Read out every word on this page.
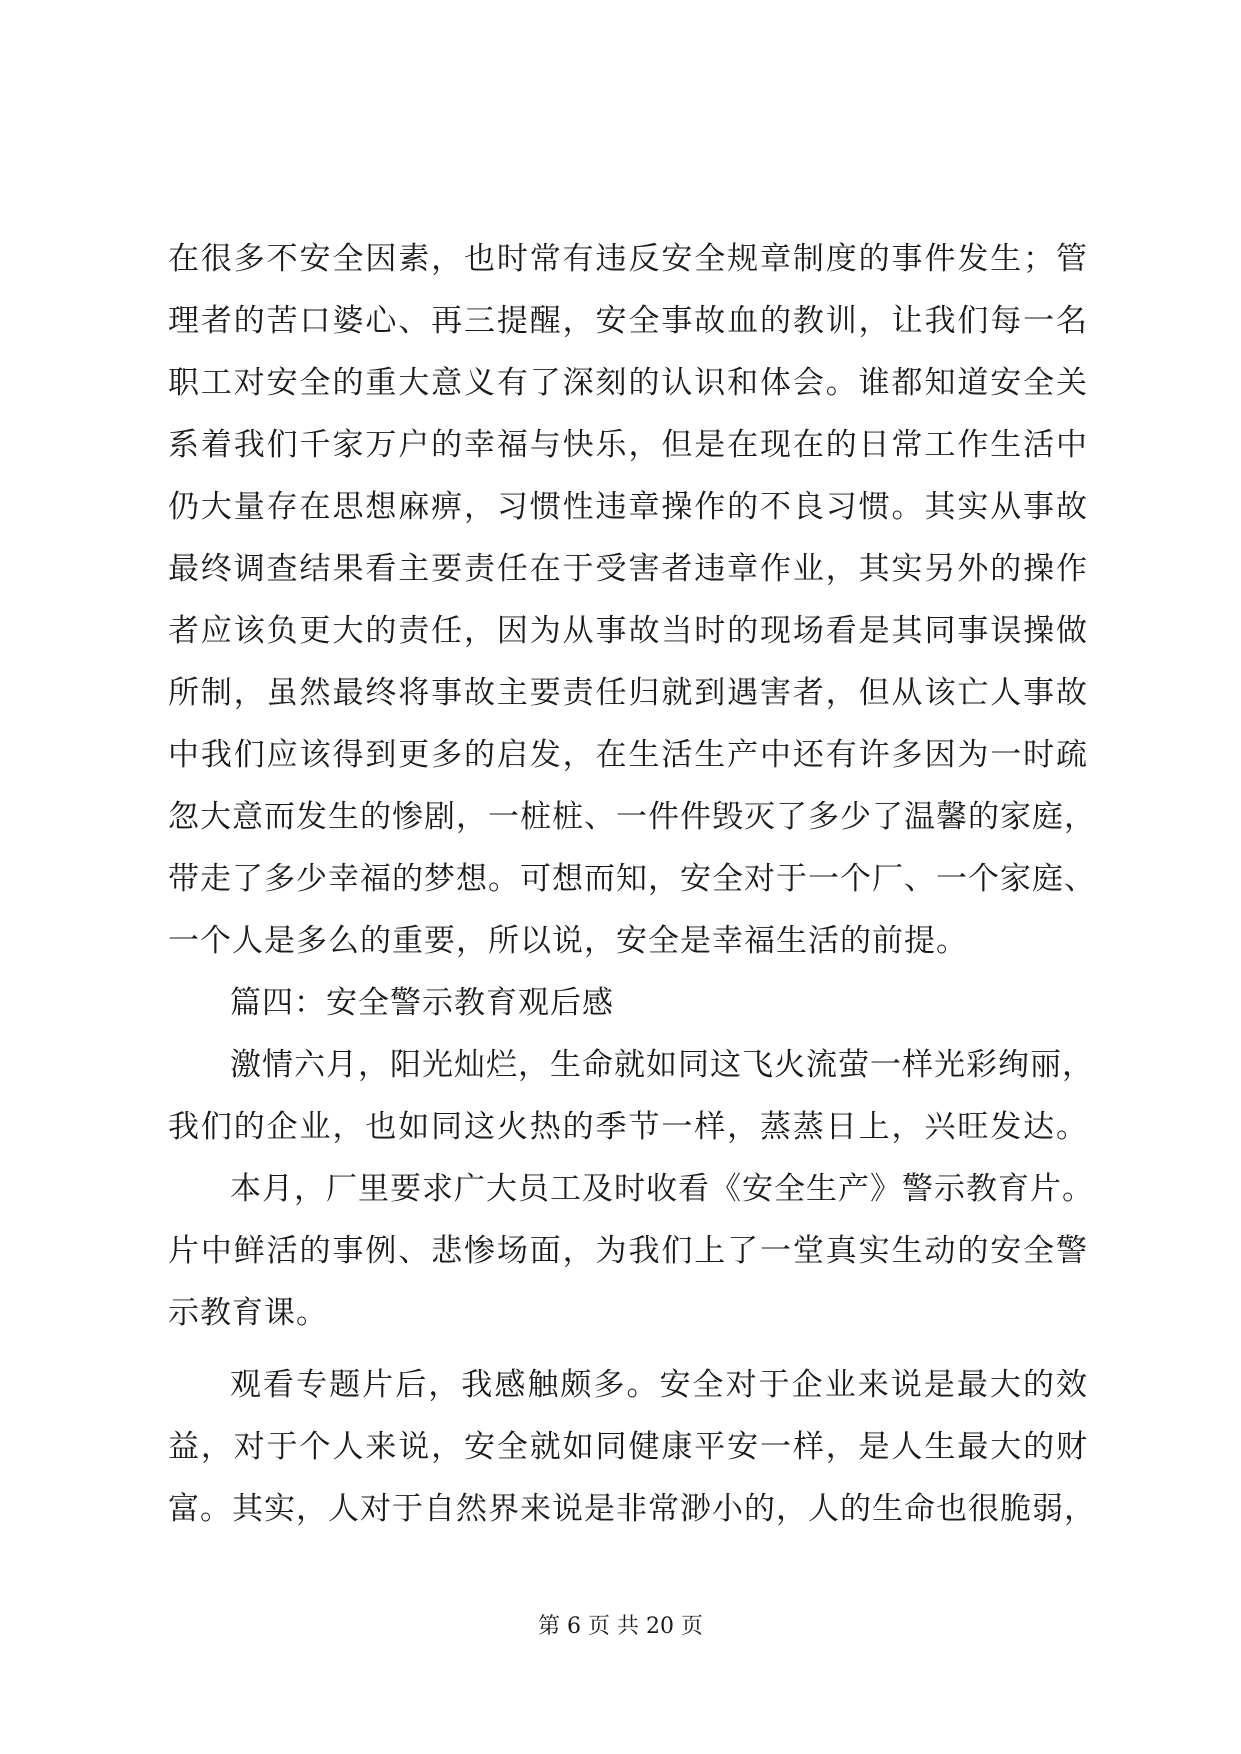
在很多不安全因素，也时常有违反安全规章制度的事件发生；管
理者的苦口婆心、再三提醒，安全事故血的教训，让我们每一名
职工对安全的重大意义有了深刻的认识和体会。谁都知道安全关
系着我们千家万户的幸福与快乐，但是在现在的日常工作生活中
仍大量存在思想麻痹，习惯性违章操作的不良习惯。其实从事故
最终调查结果看主要责任在于受害者违章作业，其实另外的操作
者应该负更大的责任，因为从事故当时的现场看是其同事误操做
所制，虽然最终将事故主要责任归就到遇害者，但从该亡人事故
中我们应该得到更多的启发，在生活生产中还有许多因为一时疏
忽大意而发生的惨剧，一桩桩、一件件毁灭了多少了温馨的家庭，
带走了多少幸福的梦想。可想而知，安全对于一个厂、一个家庭、
一个人是多么的重要，所以说，安全是幸福生活的前提。
篇四：安全警示教育观后感
激情六月，阳光灿烂，生命就如同这飞火流萤一样光彩绚丽，
我们的企业，也如同这火热的季节一样，蒸蒸日上，兴旺发达。
本月，厂里要求广大员工及时收看《安全生产》警示教育片。
片中鲜活的事例、悲惨场面，为我们上了一堂真实生动的安全警
示教育课。
观看专题片后，我感触颇多。安全对于企业来说是最大的效
益，对于个人来说，安全就如同健康平安一样，是人生最大的财
富。其实，人对于自然界来说是非常渺小的，人的生命也很脆弱，
第 6 页 共 20 页
